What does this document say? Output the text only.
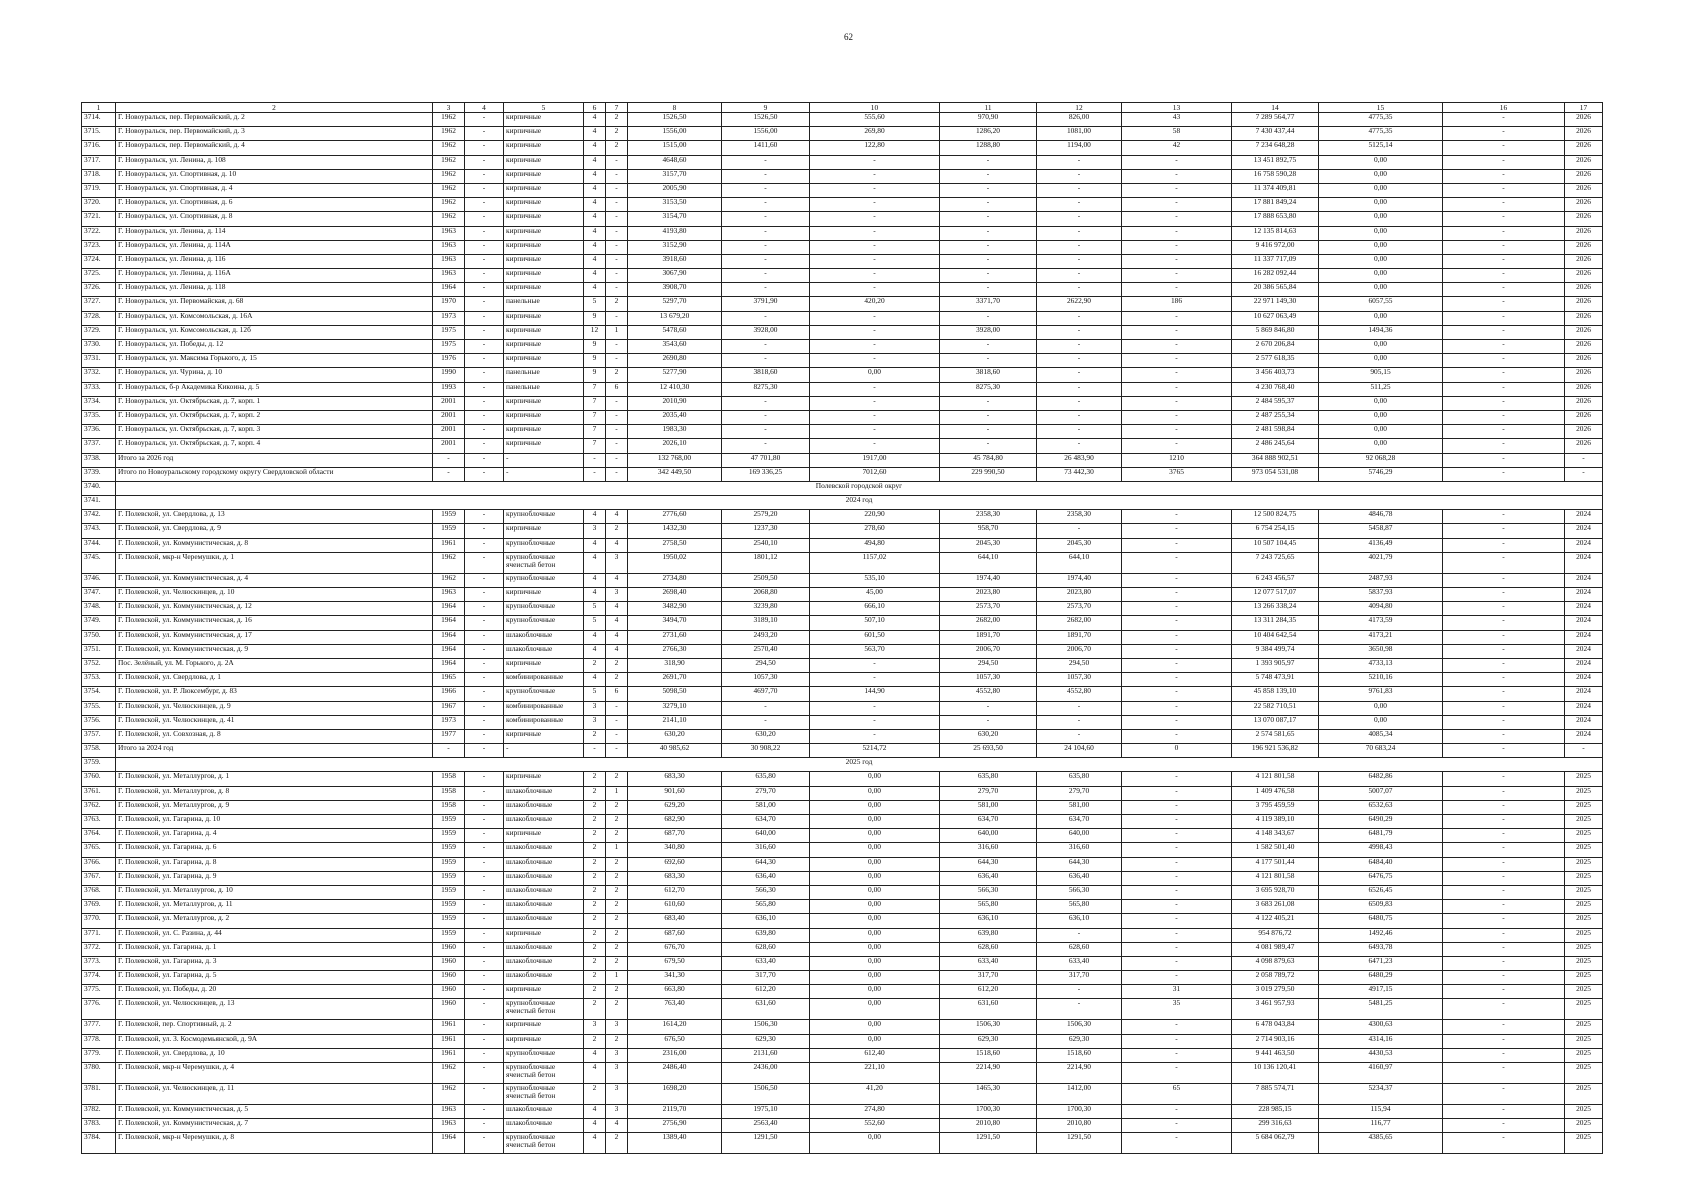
62
1	2	3	4	5	6	7	8	9	10	11	12	13	14	15	16	17
3714.	Г. Новоуральск, пер. Первомайский, д. 2	1962	-	кирпичные	4	2	1526,50	1526,50	555,60	970,90	826,00	43	7 289 564,77	4775,35	-	2026
3715.	Г. Новоуральск, пер. Первомайский, д. 3	1962	-	кирпичные	4	2	1556,00	1556,00	269,80	1286,20	1081,00	58	7 430 437,44	4775,35	-	2026
3716.	Г. Новоуральск, пер. Первомайский, д. 4	1962	-	кирпичные	4	2	1515,00	1411,60	122,80	1288,80	1194,00	42	7 234 648,28	5125,14	-	2026
3717.	Г. Новоуральск, ул. Ленина, д. 108	1962	-	кирпичные	4	-	4648,60	-	-	-	-	-	13 451 892,75	0,00	-	2026
3718.	Г. Новоуральск, ул. Спортивная, д. 10	1962	-	кирпичные	4	-	3157,70	-	-	-	-	-	16 758 590,28	0,00	-	2026
3719.	Г. Новоуральск, ул. Спортивная, д. 4	1962	-	кирпичные	4	-	2005,90	-	-	-	-	-	11 374 409,81	0,00	-	2026
3720.	Г. Новоуральск, ул. Спортивная, д. 6	1962	-	кирпичные	4	-	3153,50	-	-	-	-	-	17 881 849,24	0,00	-	2026
3721.	Г. Новоуральск, ул. Спортивная, д. 8	1962	-	кирпичные	4	-	3154,70	-	-	-	-	-	17 888 653,80	0,00	-	2026
3722.	Г. Новоуральск, ул. Ленина, д. 114	1963	-	кирпичные	4	-	4193,80	-	-	-	-	-	12 135 814,63	0,00	-	2026
3723.	Г. Новоуральск, ул. Ленина, д. 114А	1963	-	кирпичные	4	-	3152,90	-	-	-	-	-	9 416 972,00	0,00	-	2026
3724.	Г. Новоуральск, ул. Ленина, д. 116	1963	-	кирпичные	4	-	3918,60	-	-	-	-	-	11 337 717,09	0,00	-	2026
3725.	Г. Новоуральск, ул. Ленина, д. 116А	1963	-	кирпичные	4	-	3067,90	-	-	-	-	-	16 282 092,44	0,00	-	2026
3726.	Г. Новоуральск, ул. Ленина, д. 118	1964	-	кирпичные	4	-	3908,70	-	-	-	-	-	20 386 565,84	0,00	-	2026
3727.	Г. Новоуральск, ул. Первомайская, д. 68	1970	-	панельные	5	2	5297,70	3791,90	420,20	3371,70	2622,90	186	22 971 149,30	6057,55	-	2026
3728.	Г. Новоуральск, ул. Комсомольская, д. 16А	1973	-	кирпичные	9	-	13 679,20	-	-	-	-	-	10 627 063,49	0,00	-	2026
3729.	Г. Новоуральск, ул. Комсомольская, д. 12б	1975	-	кирпичные	12	1	5478,60	3928,00	-	3928,00	-	-	5 869 846,80	1494,36	-	2026
3730.	Г. Новоуральск, ул. Победы, д. 12	1975	-	кирпичные	9	-	3543,60	-	-	-	-	-	2 670 206,84	0,00	-	2026
3731.	Г. Новоуральск, ул. Максима Горького, д. 15	1976	-	кирпичные	9	-	2690,80	-	-	-	-	-	2 577 618,35	0,00	-	2026
3732.	Г. Новоуральск, ул. Чурина, д. 10	1990	-	панельные	9	2	5277,90	3818,60	0,00	3818,60	-	-	3 456 403,73	905,15	-	2026
3733.	Г. Новоуральск, б-р Академика Кикоина, д. 5	1993	-	панельные	7	6	12 410,30	8275,30	-	8275,30	-	-	4 230 768,40	511,25	-	2026
3734.	Г. Новоуральск, ул. Октябрьская, д. 7, корп. 1	2001	-	кирпичные	7	-	2010,90	-	-	-	-	-	2 484 595,37	0,00	-	2026
3735.	Г. Новоуральск, ул. Октябрьская, д. 7, корп. 2	2001	-	кирпичные	7	-	2035,40	-	-	-	-	-	2 487 255,34	0,00	-	2026
3736.	Г. Новоуральск, ул. Октябрьская, д. 7, корп. 3	2001	-	кирпичные	7	-	1983,30	-	-	-	-	-	2 481 598,84	0,00	-	2026
3737.	Г. Новоуральск, ул. Октябрьская, д. 7, корп. 4	2001	-	кирпичные	7	-	2026,10	-	-	-	-	-	2 486 245,64	0,00	-	2026
3738.	Итого за 2026 год	-	-	-	-	-	132 768,00	47 701,80	1917,00	45 784,80	26 483,90	1210	364 888 902,51	92 068,28	-	-
3739.	Итого по Новоуральскому городскому округу Свердловской области	-	-	-	-	-	342 449,50	169 336,25	7012,60	229 990,50	73 442,30	3765	973 054 531,08	5746,29	-	-
3740.	Полевской городской округ															
3741.	2024 год															
3742.	Г. Полевской, ул. Свердлова, д. 13	1959	-	крупноблочные	4	4	2776,60	2579,20	220,90	2358,30	2358,30	-	12 500 824,75	4846,78	-	2024
3743.	Г. Полевской, ул. Свердлова, д. 9	1959	-	кирпичные	3	2	1432,30	1237,30	278,60	958,70	-	-	6 754 254,15	5458,87	-	2024
3744.	Г. Полевской, ул. Коммунистическая, д. 8	1961	-	крупноблочные	4	4	2758,50	2540,10	494,80	2045,30	2045,30	-	10 507 104,45	4136,49	-	2024
3745.	Г. Полевской, мкр-н Черемушки, д. 1	1962	-	крупноблочные ячеистый бетон	4	3	1950,02	1801,12	1157,02	644,10	644,10	-	7 243 725,65	4021,79	-	2024
3746.	Г. Полевской, ул. Коммунистическая, д. 4	1962	-	крупноблочные	4	4	2734,80	2509,50	535,10	1974,40	1974,40	-	6 243 456,57	2487,93	-	2024
3747.	Г. Полевской, ул. Челюскинцев, д. 10	1963	-	кирпичные	4	3	2698,40	2068,80	45,00	2023,80	2023,80	-	12 077 517,07	5837,93	-	2024
3748.	Г. Полевской, ул. Коммунистическая, д. 12	1964	-	крупноблочные	5	4	3482,90	3239,80	666,10	2573,70	2573,70	-	13 266 338,24	4094,80	-	2024
3749.	Г. Полевской, ул. Коммунистическая, д. 16	1964	-	крупноблочные	5	4	3494,70	3189,10	507,10	2682,00	2682,00	-	13 311 284,35	4173,59	-	2024
3750.	Г. Полевской, ул. Коммунистическая, д. 17	1964	-	шлакоблочные	4	4	2731,60	2493,20	601,50	1891,70	1891,70	-	10 404 642,54	4173,21	-	2024
3751.	Г. Полевской, ул. Коммунистическая, д. 9	1964	-	шлакоблочные	4	4	2766,30	2570,40	563,70	2006,70	2006,70	-	9 384 499,74	3650,98	-	2024
3752.	Пос. Зелёный, ул. М. Горького, д. 2А	1964	-	кирпичные	2	2	318,90	294,50	-	294,50	294,50	-	1 393 905,97	4733,13	-	2024
3753.	Г. Полевской, ул. Свердлова, д. 1	1965	-	комбинированные	4	2	2691,70	1057,30	-	1057,30	1057,30	-	5 748 473,91	5210,16	-	2024
3754.	Г. Полевской, ул. Р. Люксембург, д. 83	1966	-	крупноблочные	5	6	5098,50	4697,70	144,90	4552,80	4552,80	-	45 858 139,10	9761,83	-	2024
3755.	Г. Полевской, ул. Челюскинцев, д. 9	1967	-	комбинированные	3	-	3279,10	-	-	-	-	-	22 582 710,51	0,00	-	2024
3756.	Г. Полевской, ул. Челюскинцев, д. 41	1973	-	комбинированные	3	-	2141,10	-	-	-	-	-	13 070 087,17	0,00	-	2024
3757.	Г. Полевской, ул. Совхозная, д. 8	1977	-	кирпичные	2	-	630,20	630,20	-	630,20	-	-	2 574 581,65	4085,34	-	2024
3758.	Итого за 2024 год	-	-	-	-	-	40 985,62	30 908,22	5214,72	25 693,50	24 104,60	0	196 921 536,82	70 683,24	-	-
3759.	2025 год															
3760.	Г. Полевской, ул. Металлургов, д. 1	1958	-	кирпичные	2	2	683,30	635,80	0,00	635,80	635,80	-	4 121 801,58	6482,86	-	2025
3761.	Г. Полевской, ул. Металлургов, д. 8	1958	-	шлакоблочные	2	1	901,60	279,70	0,00	279,70	279,70	-	1 409 476,58	5007,07	-	2025
3762.	Г. Полевской, ул. Металлургов, д. 9	1958	-	шлакоблочные	2	2	629,20	581,00	0,00	581,00	581,00	-	3 795 459,59	6532,63	-	2025
3763.	Г. Полевской, ул. Гагарина, д. 10	1959	-	шлакоблочные	2	2	682,90	634,70	0,00	634,70	634,70	-	4 119 389,10	6490,29	-	2025
3764.	Г. Полевской, ул. Гагарина, д. 4	1959	-	кирпичные	2	2	687,70	640,00	0,00	640,00	640,00	-	4 148 343,67	6481,79	-	2025
3765.	Г. Полевской, ул. Гагарина, д. 6	1959	-	шлакоблочные	2	1	340,80	316,60	0,00	316,60	316,60	-	1 582 501,40	4998,43	-	2025
3766.	Г. Полевской, ул. Гагарина, д. 8	1959	-	шлакоблочные	2	2	692,60	644,30	0,00	644,30	644,30	-	4 177 501,44	6484,40	-	2025
3767.	Г. Полевской, ул. Гагарина, д. 9	1959	-	шлакоблочные	2	2	683,30	636,40	0,00	636,40	636,40	-	4 121 801,58	6476,75	-	2025
3768.	Г. Полевской, ул. Металлургов, д. 10	1959	-	шлакоблочные	2	2	612,70	566,30	0,00	566,30	566,30	-	3 695 928,70	6526,45	-	2025
3769.	Г. Полевской, ул. Металлургов, д. 11	1959	-	шлакоблочные	2	2	610,60	565,80	0,00	565,80	565,80	-	3 683 261,08	6509,83	-	2025
3770.	Г. Полевской, ул. Металлургов, д. 2	1959	-	шлакоблочные	2	2	683,40	636,10	0,00	636,10	636,10	-	4 122 405,21	6480,75	-	2025
3771.	Г. Полевской, ул. С. Разина, д. 44	1959	-	кирпичные	2	2	687,60	639,80	0,00	639,80	-	-	954 876,72	1492,46	-	2025
3772.	Г. Полевской, ул. Гагарина, д. 1	1960	-	шлакоблочные	2	2	676,70	628,60	0,00	628,60	628,60	-	4 081 989,47	6493,78	-	2025
3773.	Г. Полевской, ул. Гагарина, д. 3	1960	-	шлакоблочные	2	2	679,50	633,40	0,00	633,40	633,40	-	4 098 879,63	6471,23	-	2025
3774.	Г. Полевской, ул. Гагарина, д. 5	1960	-	шлакоблочные	2	1	341,30	317,70	0,00	317,70	317,70	-	2 058 789,72	6480,29	-	2025
3775.	Г. Полевской, ул. Победы, д. 20	1960	-	кирпичные	2	2	663,80	612,20	0,00	612,20	-	31	3 019 279,50	4917,15	-	2025
3776.	Г. Полевской, ул. Челюскинцев, д. 13	1960	-	крупноблочные ячеистый бетон	2	2	763,40	631,60	0,00	631,60	-	35	3 461 957,93	5481,25	-	2025
3777.	Г. Полевской, пер. Спортивный, д. 2	1961	-	кирпичные	3	3	1614,20	1506,30	0,00	1506,30	1506,30	-	6 478 043,84	4300,63	-	2025
3778.	Г. Полевской, ул. З. Космодемьянской, д. 9А	1961	-	кирпичные	2	2	676,50	629,30	0,00	629,30	629,30	-	2 714 903,16	4314,16	-	2025
3779.	Г. Полевской, ул. Свердлова, д. 10	1961	-	крупноблочные	4	3	2316,00	2131,60	612,40	1518,60	1518,60	-	9 441 463,50	4430,53	-	2025
3780.	Г. Полевской, мкр-н Черемушки, д. 4	1962	-	крупноблочные ячеистый бетон	4	3	2486,40	2436,00	221,10	2214,90	2214,90	-	10 136 120,41	4160,97	-	2025
3781.	Г. Полевской, ул. Челюскинцев, д. 11	1962	-	крупноблочные ячеистый бетон	2	3	1698,20	1506,50	41,20	1465,30	1412,00	65	7 885 574,71	5234,37	-	2025
3782.	Г. Полевской, ул. Коммунистическая, д. 5	1963	-	шлакоблочные	4	3	2119,70	1975,10	274,80	1700,30	1700,30	-	228 985,15	115,94	-	2025
3783.	Г. Полевской, ул. Коммунистическая, д. 7	1963	-	шлакоблочные	4	4	2756,90	2563,40	552,60	2010,80	2010,80	-	299 316,63	116,77	-	2025
3784.	Г. Полевской, мкр-н Черемушки, д. 8	1964	-	крупноблочные ячеистый бетон	4	2	1389,40	1291,50	0,00	1291,50	1291,50	-	5 684 062,79	4385,65	-	2025
